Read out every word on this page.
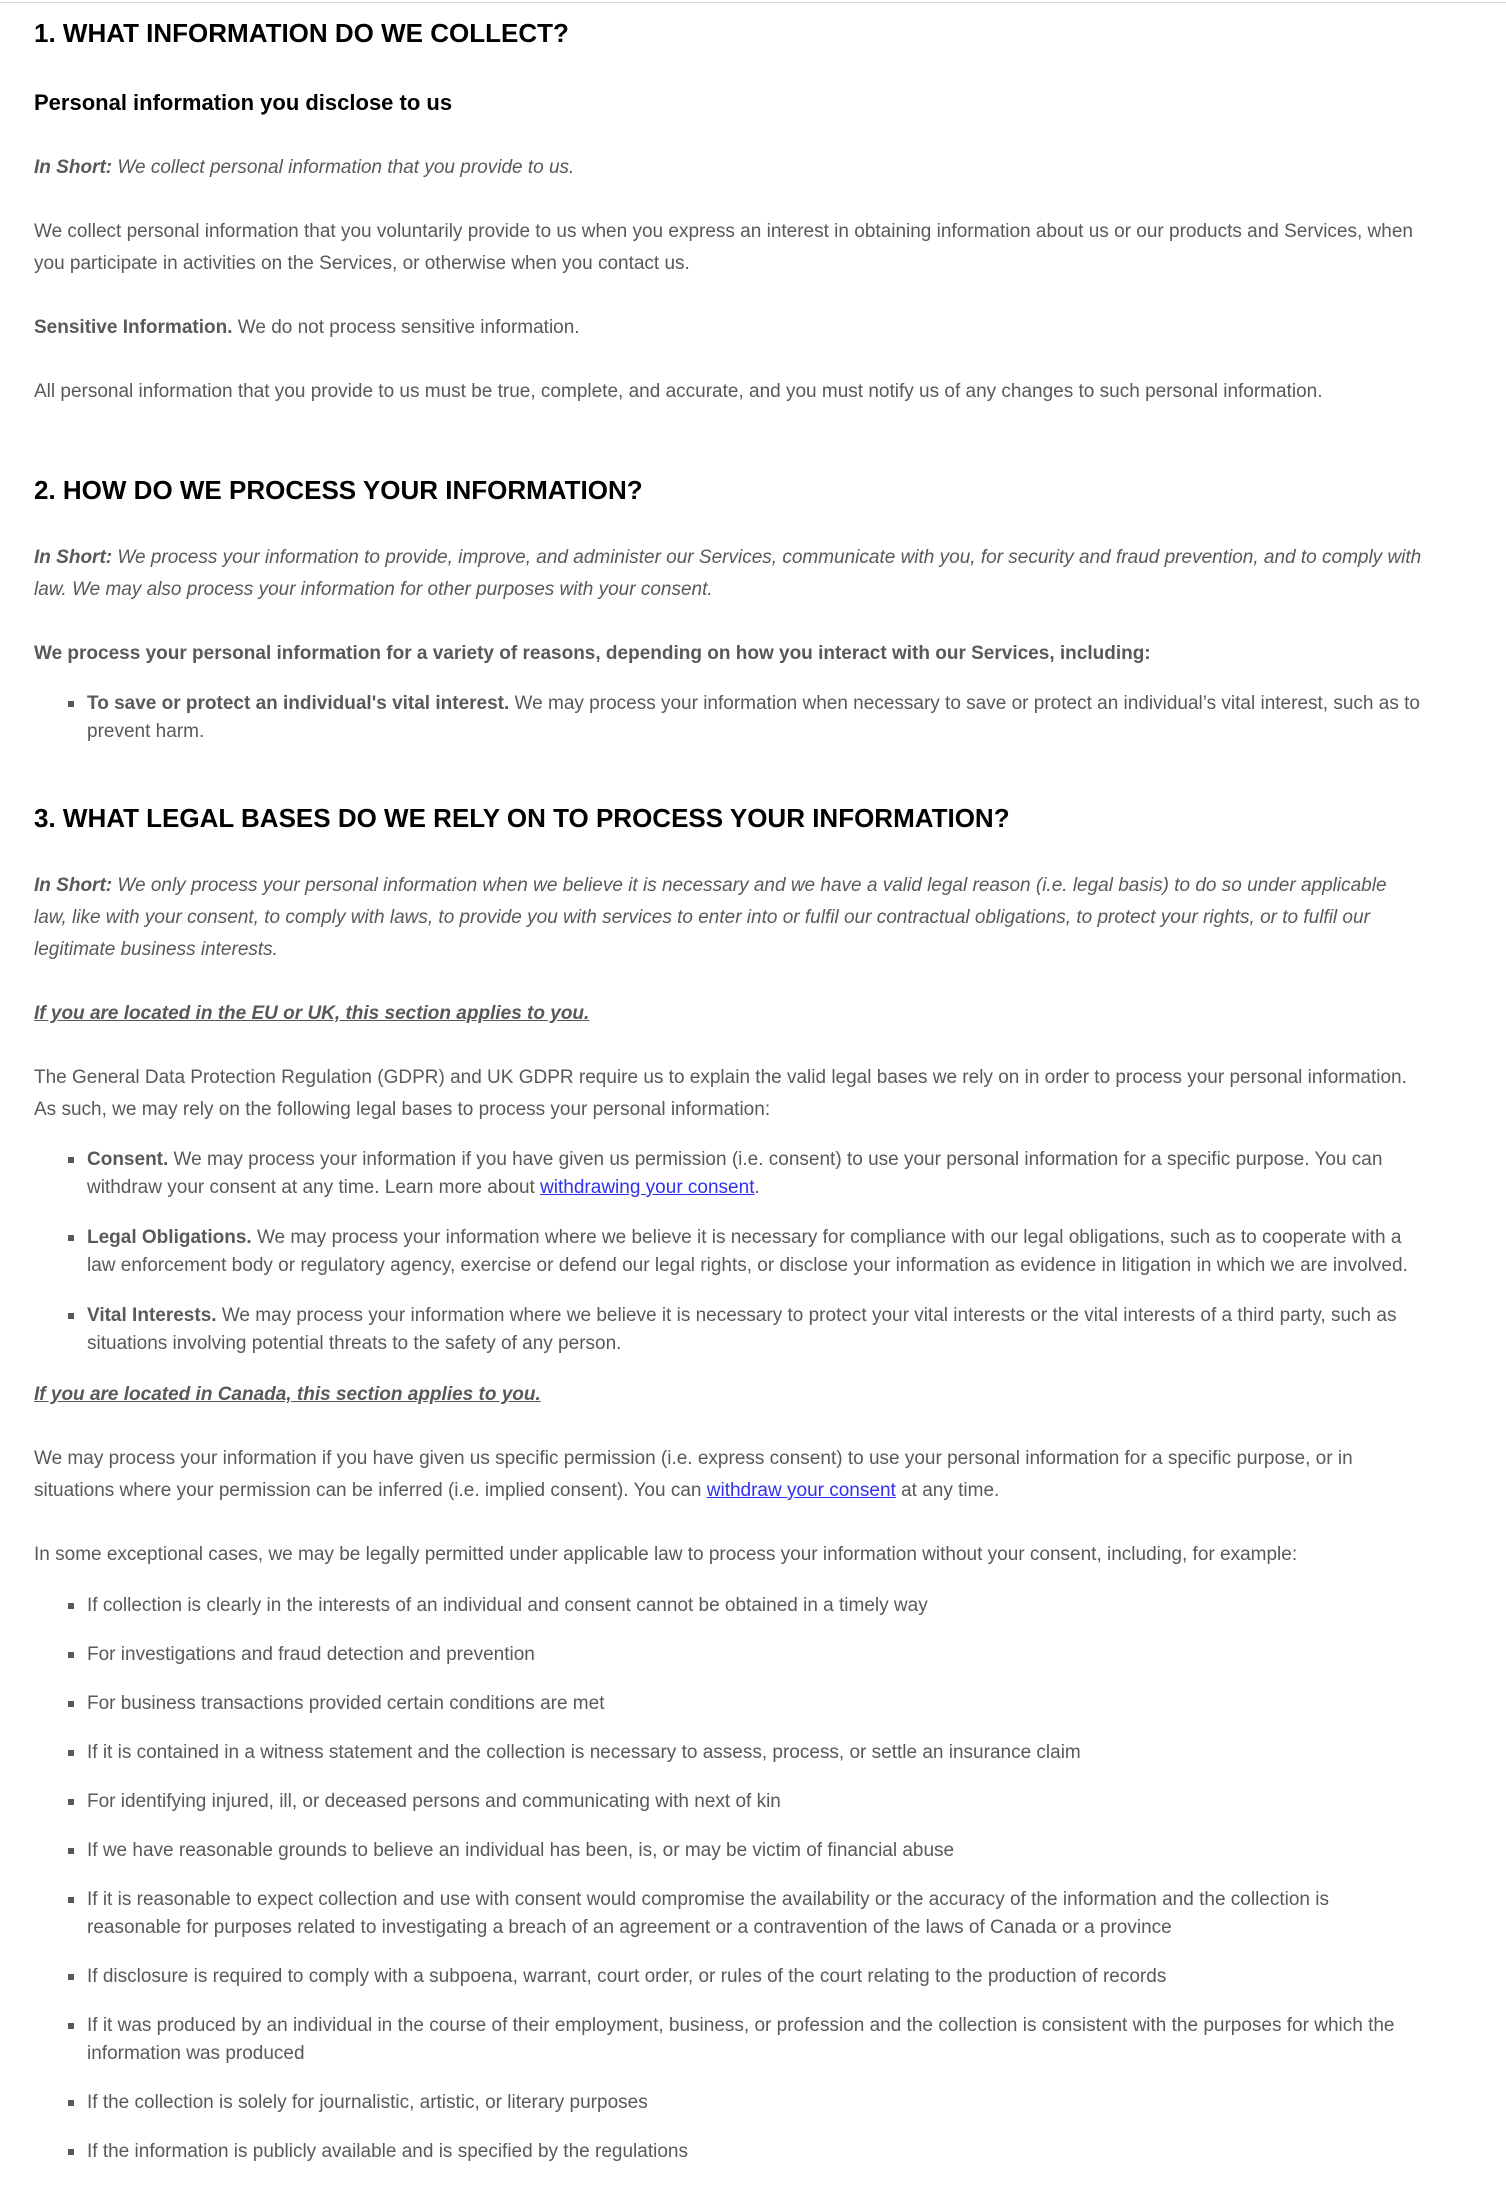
1. WHAT INFORMATION DO WE COLLECT?
Personal information you disclose to us

In Short: We collect personal information that you provide to us.

We collect personal information that you voluntarily provide to us when you express an interest in obtaining information about us or our products and Services, when you participate in activities on the Services, or otherwise when you contact us.

Sensitive Information. We do not process sensitive information.

All personal information that you provide to us must be true, complete, and accurate, and you must notify us of any changes to such personal information.

2. HOW DO WE PROCESS YOUR INFORMATION?

In Short: We process your information to provide, improve, and administer our Services, communicate with you, for security and fraud prevention, and to comply with law. We may also process your information for other purposes with your consent.

We process your personal information for a variety of reasons, depending on how you interact with our Services, including:

To save or protect an individual's vital interest. We may process your information when necessary to save or protect an individual’s vital interest, such as to prevent harm.
3. WHAT LEGAL BASES DO WE RELY ON TO PROCESS YOUR INFORMATION?

In Short: We only process your personal information when we believe it is necessary and we have a valid legal reason (i.e. legal basis) to do so under applicable law, like with your consent, to comply with laws, to provide you with services to enter into or fulfil our contractual obligations, to protect your rights, or to fulfil our legitimate business interests.

If you are located in the EU or UK, this section applies to you.

The General Data Protection Regulation (GDPR) and UK GDPR require us to explain the valid legal bases we rely on in order to process your personal information. As such, we may rely on the following legal bases to process your personal information:

Consent. We may process your information if you have given us permission (i.e. consent) to use your personal information for a specific purpose. You can withdraw your consent at any time. Learn more about withdrawing your consent.
Legal Obligations. We may process your information where we believe it is necessary for compliance with our legal obligations, such as to cooperate with a law enforcement body or regulatory agency, exercise or defend our legal rights, or disclose your information as evidence in litigation in which we are involved.
Vital Interests. We may process your information where we believe it is necessary to protect your vital interests or the vital interests of a third party, such as situations involving potential threats to the safety of any person.

If you are located in Canada, this section applies to you.

We may process your information if you have given us specific permission (i.e. express consent) to use your personal information for a specific purpose, or in situations where your permission can be inferred (i.e. implied consent). You can withdraw your consent at any time.

In some exceptional cases, we may be legally permitted under applicable law to process your information without your consent, including, for example:

If collection is clearly in the interests of an individual and consent cannot be obtained in a timely way
For investigations and fraud detection and prevention
For business transactions provided certain conditions are met
If it is contained in a witness statement and the collection is necessary to assess, process, or settle an insurance claim
For identifying injured, ill, or deceased persons and communicating with next of kin
If we have reasonable grounds to believe an individual has been, is, or may be victim of financial abuse
If it is reasonable to expect collection and use with consent would compromise the availability or the accuracy of the information and the collection is reasonable for purposes related to investigating a breach of an agreement or a contravention of the laws of Canada or a province
If disclosure is required to comply with a subpoena, warrant, court order, or rules of the court relating to the production of records
If it was produced by an individual in the course of their employment, business, or profession and the collection is consistent with the purposes for which the information was produced
If the collection is solely for journalistic, artistic, or literary purposes
If the information is publicly available and is specified by the regulations
